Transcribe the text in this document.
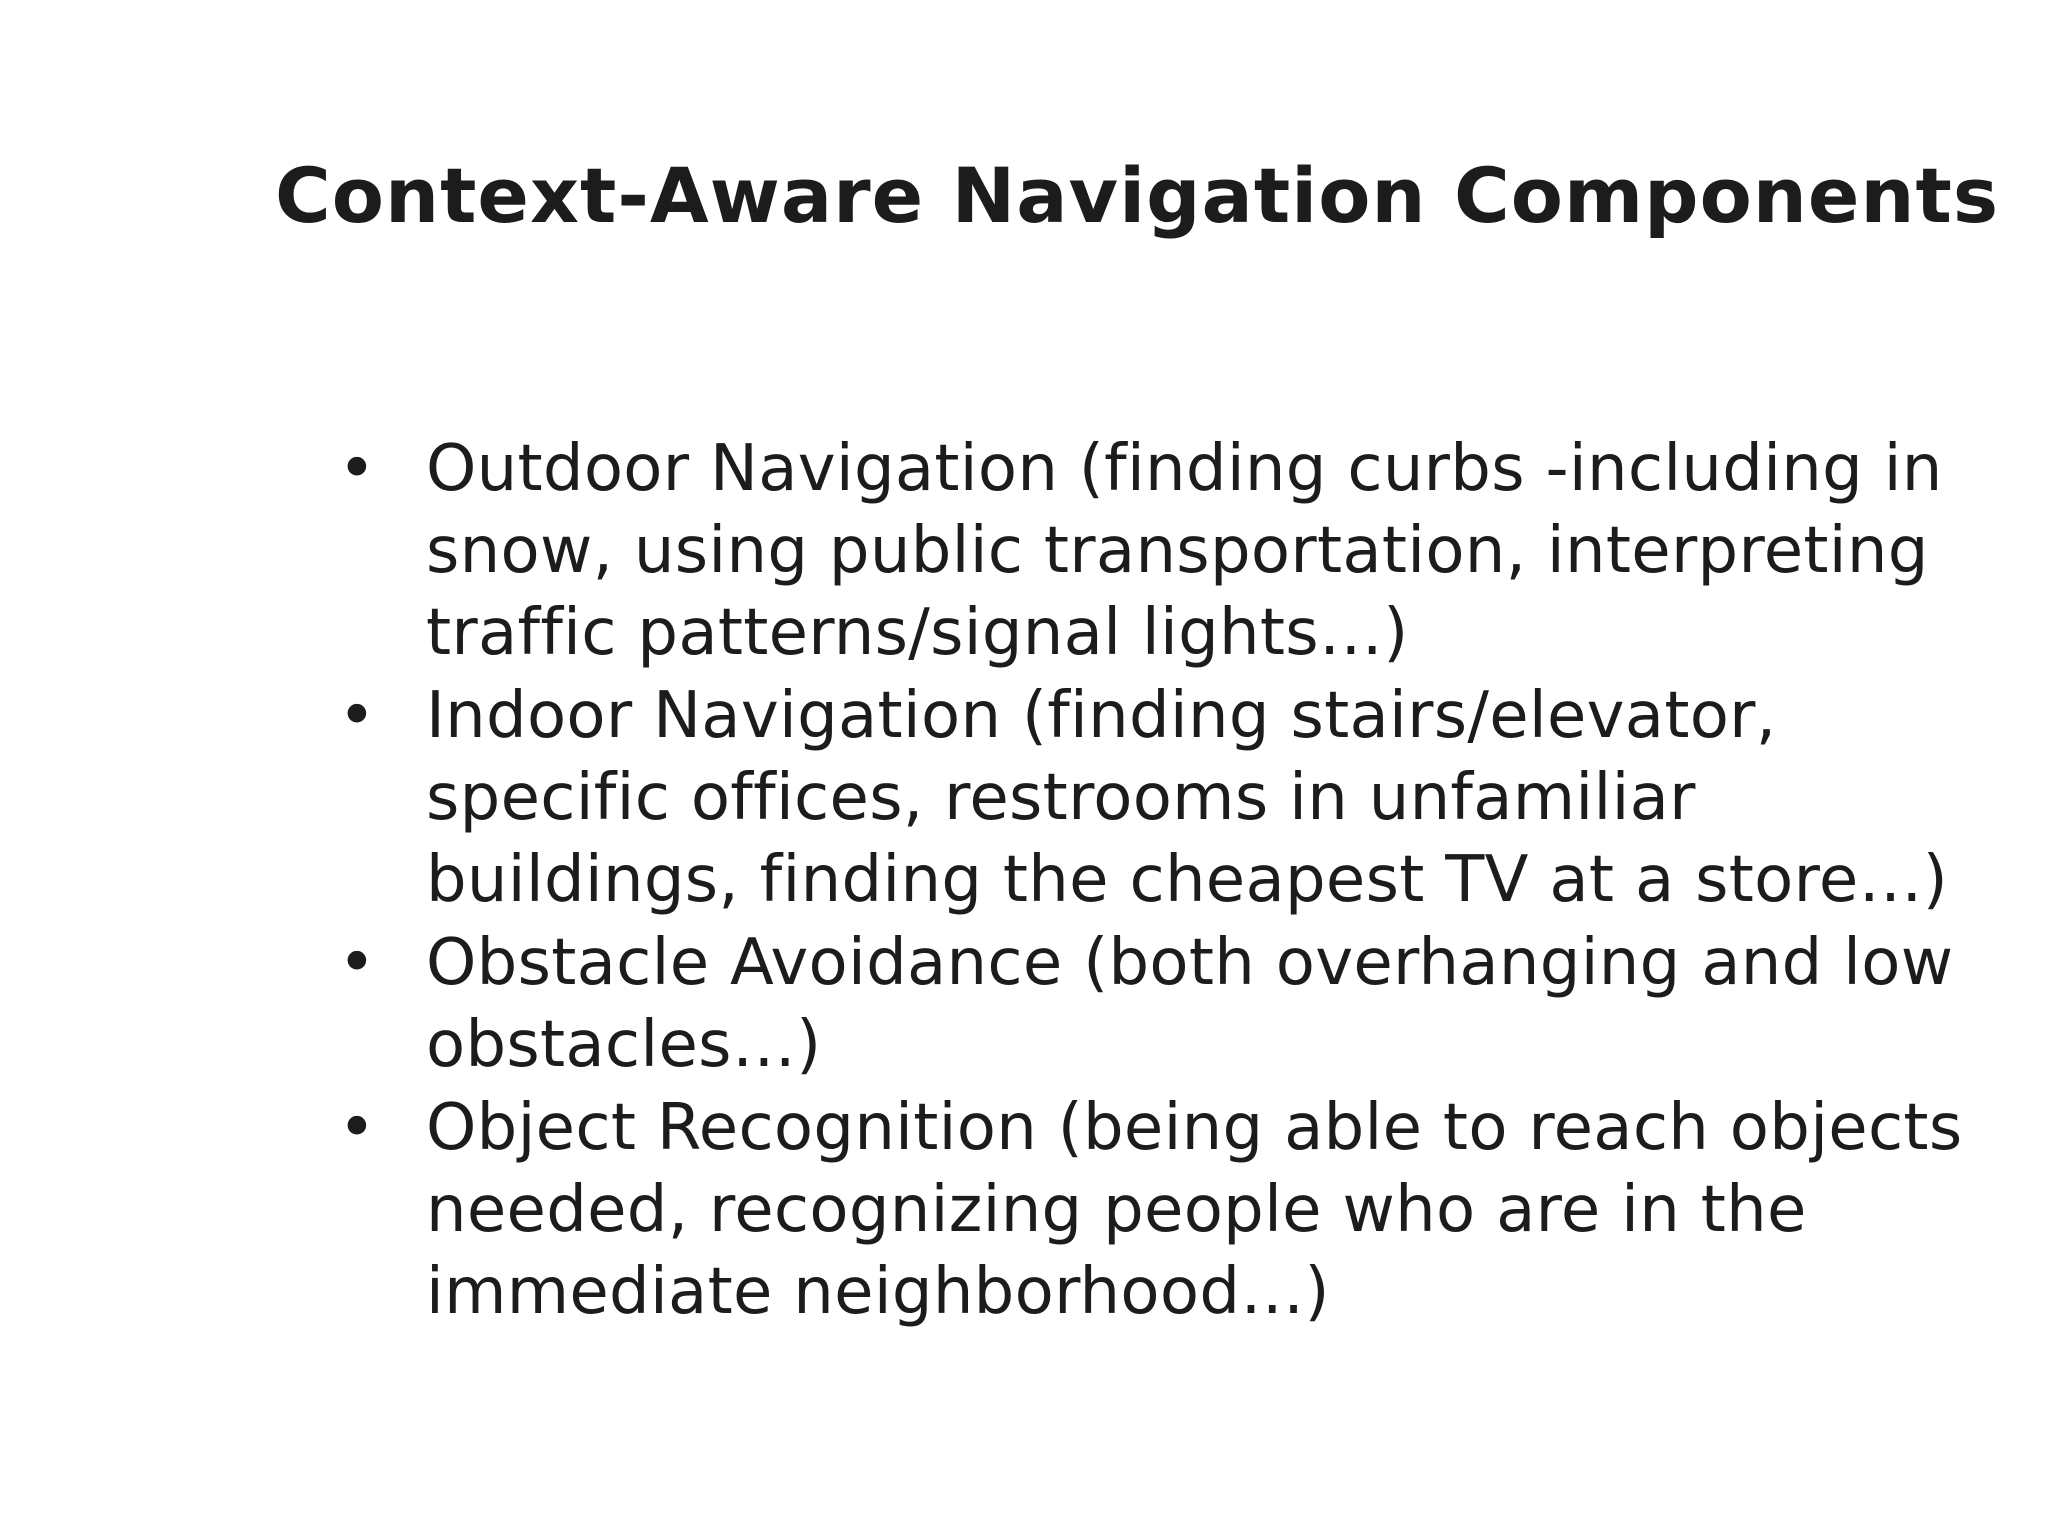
Context-Aware Navigation Components
• Outdoor Navigation (finding curbs -including in snow, using public transportation, interpreting traffic patterns/signal lights…)
• Indoor Navigation (finding stairs/elevator, specific offices, restrooms in unfamiliar buildings, finding the cheapest TV at a store…)
• Obstacle Avoidance (both overhanging and low obstacles…)
• Object Recognition (being able to reach objects needed, recognizing people who are in the immediate neighborhood…)
